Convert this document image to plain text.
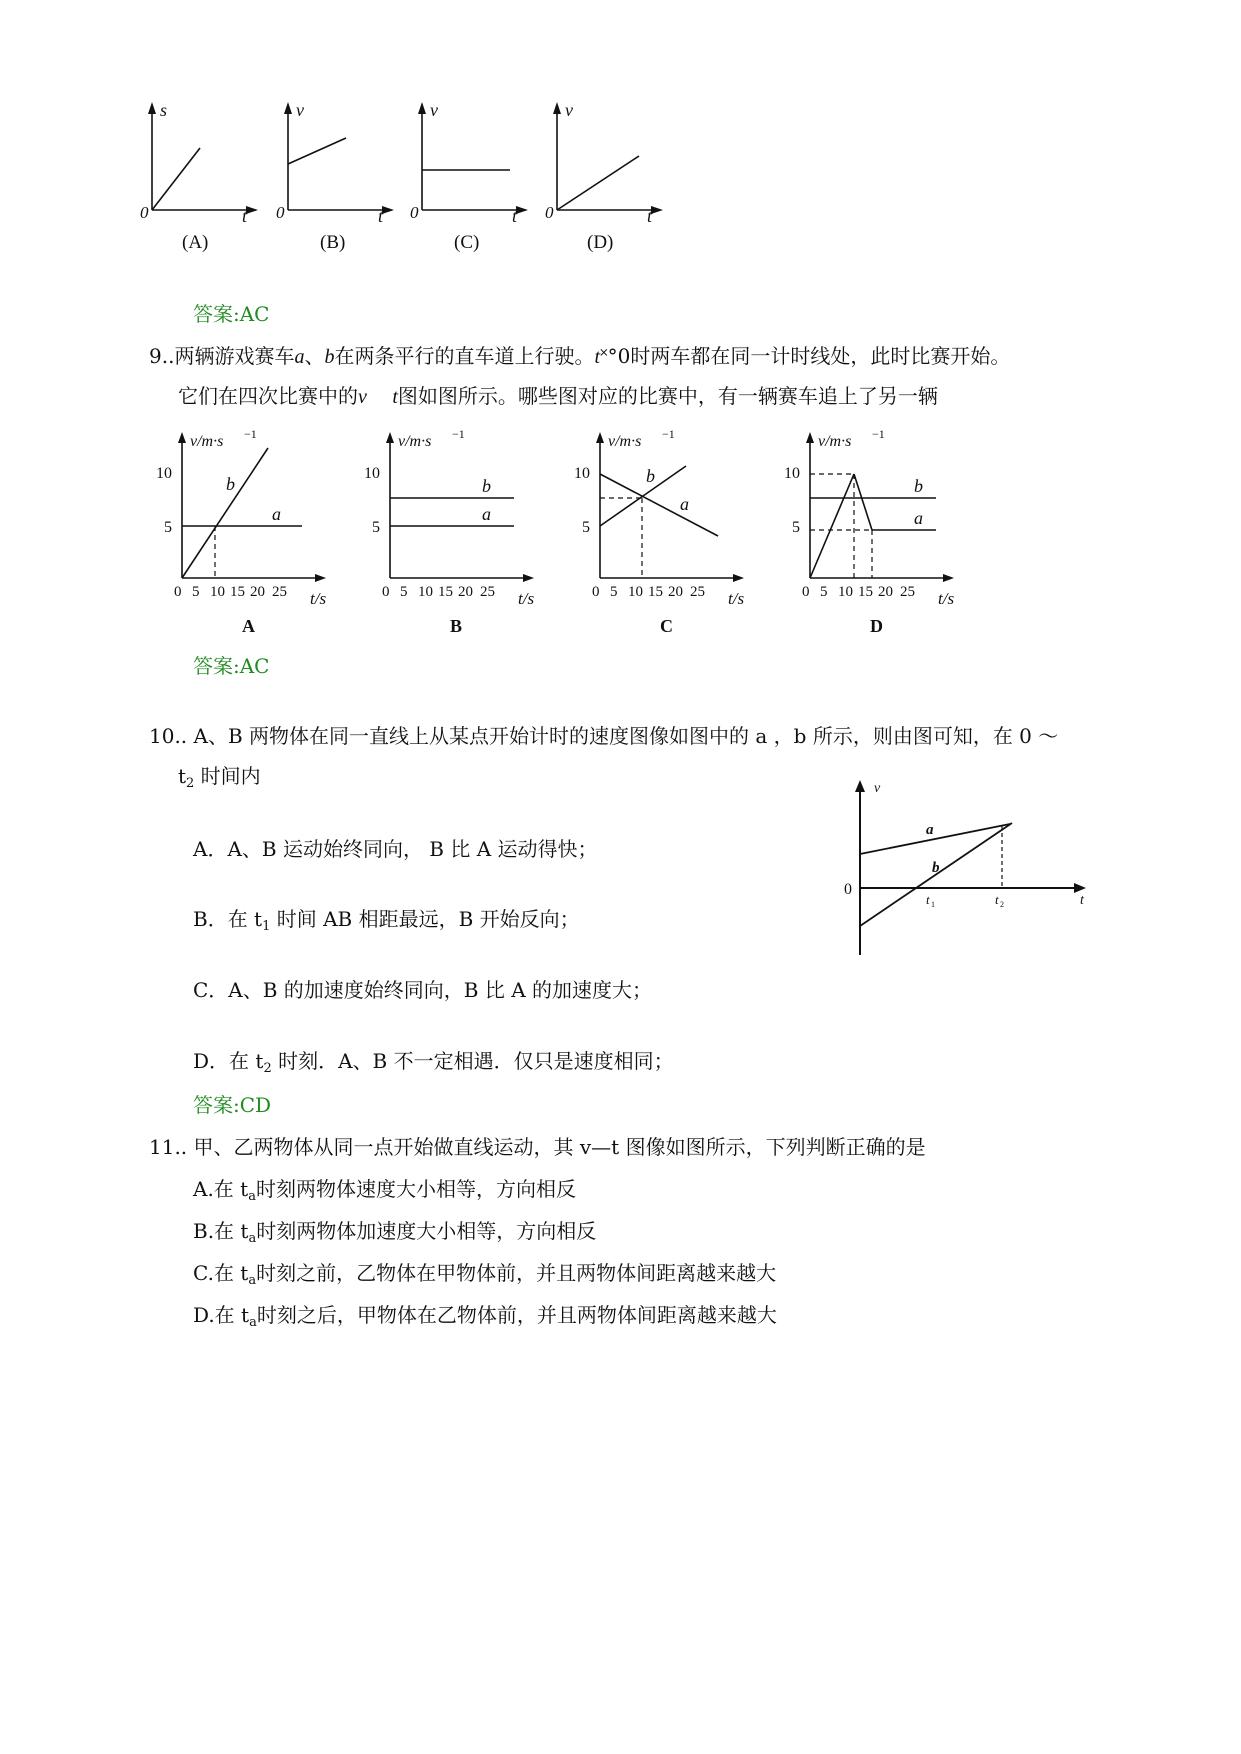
s
0	t
(A)
v
0	t
(B)
v
0	t
(C)
v
0	t
(D)
答案:AC
9..两辆游戏赛车a、b在两条平行的直车道上行驶。t˟°0时两车都在同一计时线处，此时比赛开始。
它们在四次比赛中的v t图如图所示。哪些图对应的比赛中，有一辆赛车追上了另一辆
v/m·s −1
10
5
0 5 10 15 20 25 t/s
b
a
A
v/m·s −1
10
5
0 5 10 15 20 25 t/s
b
a
B
v/m·s −1
10
5
0 5 10 15 20 25 t/s
b
a
C
v/m·s −1
10
5
0 5 10 15 20 25 t/s
b
a
D
答案:AC
10.. A、B 两物体在同一直线上从某点开始计时的速度图像如图中的 a ，b 所示，则由图可知，在 0 ～
$t_2$ 时间内
A．A、B 运动始终同向， B 比 A 运动得快；
B．在 $t_1$ 时间 AB 相距最远，B 开始反向；
C．A、B 的加速度始终同向，B 比 A 的加速度大；
D．在 $t_2$ 时刻．A、B 不一定相遇．仅只是速度相同；
答案:CD
v
0
t
a
b
t 1	t 2
11.. 甲、乙两物体从同一点开始做直线运动，其 v—t 图像如图所示，下列判断正确的是
A.在 $t_a$时刻两物体速度大小相等，方向相反
B.在 $t_a$时刻两物体加速度大小相等，方向相反
C.在 $t_a$时刻之前，乙物体在甲物体前，并且两物体间距离越来越大
D.在 $t_a$时刻之后，甲物体在乙物体前，并且两物体间距离越来越大
